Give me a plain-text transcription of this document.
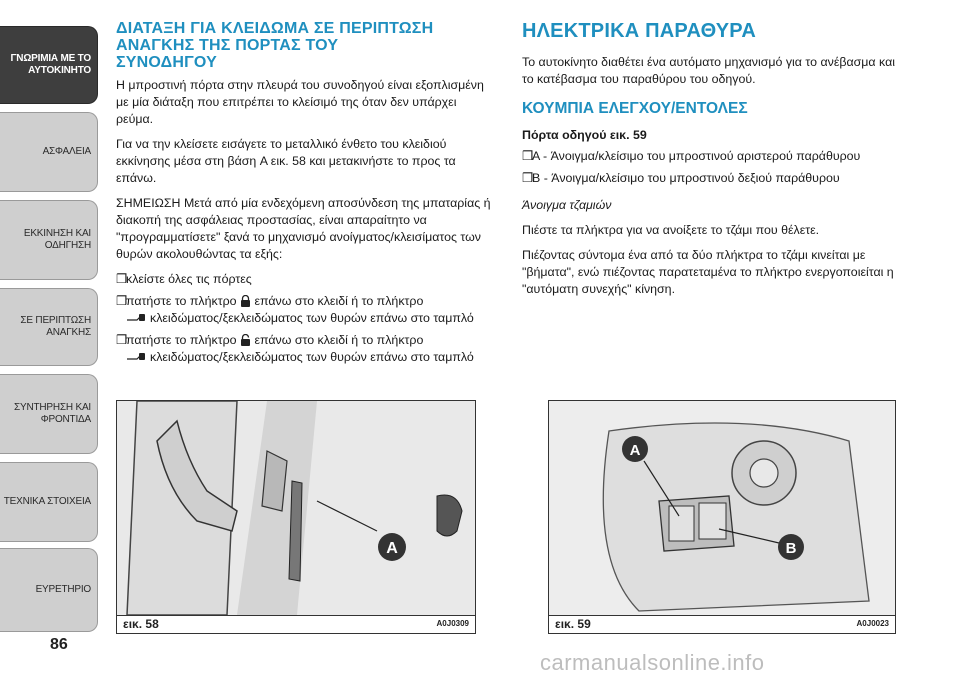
ΓΝΩΡΙΜΙΑ ΜΕ ΤΟ
ΑΥΤΟΚΙΝΗΤΟ
ΑΣΦΑΛΕΙΑ
ΕΚΚΙΝΗΣΗ ΚΑΙ
ΟΔΗΓΗΣΗ
ΣΕ ΠΕΡΙΠΤΩΣΗ
ΑΝΑΓΚΗΣ
ΣΥΝΤΗΡΗΣΗ ΚΑΙ
ΦΡΟΝΤΙΔΑ
ΤΕΧΝΙΚΑ ΣΤΟΙΧΕΙΑ
ΕΥΡΕΤΗΡΙΟ
86
ΔΙΑΤΑΞΗ ΓΙΑ ΚΛΕΙΔΩΜΑ ΣΕ ΠΕΡΙΠΤΩΣΗ
ΑΝΑΓΚΗΣ ΤΗΣ ΠΟΡΤΑΣ ΤΟΥ
ΣΥΝΟΔΗΓΟΥ

Η μπροστινή πόρτα στην πλευρά του συνοδηγού είναι εξοπλισμένη με μία διάταξη που επιτρέπει το κλείσιμό της όταν δεν υπάρχει ρεύμα.

Για να την κλείσετε εισάγετε το μεταλλικό ένθετο του κλειδιού εκκίνησης μέσα στη βάση A εικ. 58 και μετακινήστε το προς τα επάνω.

ΣΗΜΕΙΩΣΗ Μετά από μία ενδεχόμενη αποσύνδεση της μπαταρίας ή διακοπή της ασφάλειας προστασίας, είναι απαραίτητο να "προγραμματίσετε" ξανά το μηχανισμό ανοίγματος/κλεισίματος των θυρών ακολουθώντας τα εξής:

❒
κλείστε όλες τις πόρτες
❒
πατήστε το πλήκτρο επάνω στο κλειδί ή το πλήκτρο
κλειδώματος/ξεκλειδώματος των θυρών επάνω στο ταμπλό
❒
πατήστε το πλήκτρο επάνω στο κλειδί ή το πλήκτρο
κλειδώματος/ξεκλειδώματος των θυρών επάνω στο ταμπλό
ΗΛΕΚΤΡΙΚΑ ΠΑΡΑΘΥΡΑ

Το αυτοκίνητο διαθέτει ένα αυτόματο μηχανισμό για το ανέβασμα και το κατέβασμα του παραθύρου του οδηγού.

ΚΟΥΜΠΙΑ ΕΛΕΓΧΟΥ/ΕΝΤΟΛΕΣ

Πόρτα οδηγού εικ. 59

❒
A - Άνοιγμα/κλείσιμο του μπροστινού αριστερού παράθυρου
❒
B - Άνοιγμα/κλείσιμο του μπροστινού δεξιού παράθυρου

Άνοιγμα τζαμιών

Πιέστε τα πλήκτρα για να ανοίξετε το τζάμι που θέλετε.

Πιέζοντας σύντομα ένα από τα δύο πλήκτρα το τζάμι κινείται με "βήματα", ενώ πιέζοντας παρατεταμένα το πλήκτρο ενεργοποιείται η "αυτόματη συνεχής" κίνηση.

A
εικ. 58	A0J0309
A
B
εικ. 59	A0J0023
carmanualsonline.info
